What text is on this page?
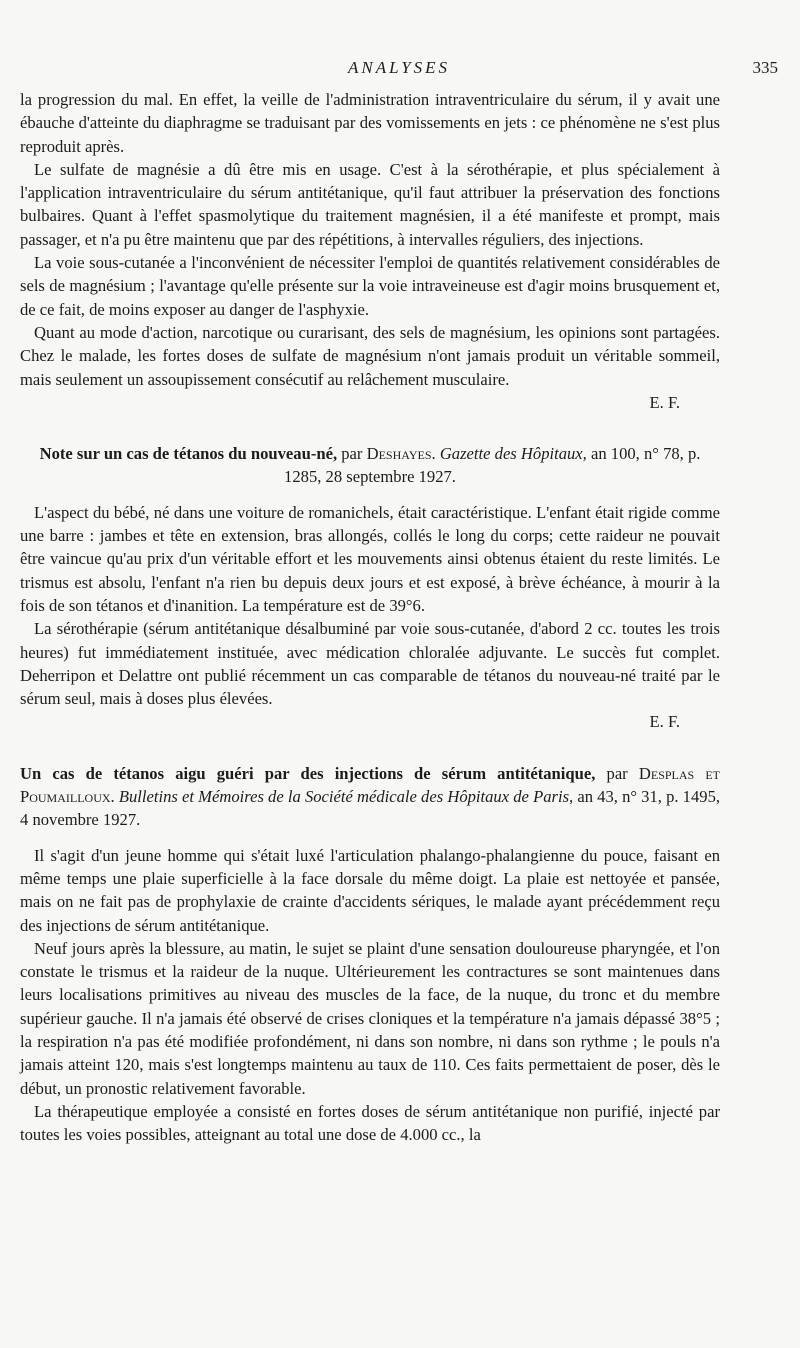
ANALYSES	335

la progression du mal. En effet, la veille de l'administration intraventriculaire du sérum, il y avait une ébauche d'atteinte du diaphragme se traduisant par des vomissements en jets : ce phénomène ne s'est plus reproduit après.

Le sulfate de magnésie a dû être mis en usage. C'est à la sérothérapie, et plus spécialement à l'application intraventriculaire du sérum antitétanique, qu'il faut attribuer la préservation des fonctions bulbaires. Quant à l'effet spasmolytique du traitement magnésien, il a été manifeste et prompt, mais passager, et n'a pu être maintenu que par des répétitions, à intervalles réguliers, des injections.

La voie sous-cutanée a l'inconvénient de nécessiter l'emploi de quantités relativement considérables de sels de magnésium ; l'avantage qu'elle présente sur la voie intraveineuse est d'agir moins brusquement et, de ce fait, de moins exposer au danger de l'asphyxie.

Quant au mode d'action, narcotique ou curarisant, des sels de magnésium, les opinions sont partagées. Chez le malade, les fortes doses de sulfate de magnésium n'ont jamais produit un véritable sommeil, mais seulement un assoupissement consécutif au relâchement musculaire.

E. F.

Note sur un cas de tétanos du nouveau-né, par Deshayes. Gazette des Hôpitaux, an 100, n° 78, p. 1285, 28 septembre 1927.

L'aspect du bébé, né dans une voiture de romanichels, était caractéristique. L'enfant était rigide comme une barre : jambes et tête en extension, bras allongés, collés le long du corps; cette raideur ne pouvait être vaincue qu'au prix d'un véritable effort et les mouvements ainsi obtenus étaient du reste limités. Le trismus est absolu, l'enfant n'a rien bu depuis deux jours et est exposé, à brève échéance, à mourir à la fois de son tétanos et d'inanition. La température est de 39°6.

La sérothérapie (sérum antitétanique désalbuminé par voie sous-cutanée, d'abord 2 cc. toutes les trois heures) fut immédiatement instituée, avec médication chloralée adjuvante. Le succès fut complet. Deherripon et Delattre ont publié récemment un cas comparable de tétanos du nouveau-né traité par le sérum seul, mais à doses plus élevées.

E. F.

Un cas de tétanos aigu guéri par des injections de sérum antitétanique, par Desplas et Poumailloux. Bulletins et Mémoires de la Société médicale des Hôpitaux de Paris, an 43, n° 31, p. 1495, 4 novembre 1927.

Il s'agit d'un jeune homme qui s'était luxé l'articulation phalango-phalangienne du pouce, faisant en même temps une plaie superficielle à la face dorsale du même doigt. La plaie est nettoyée et pansée, mais on ne fait pas de prophylaxie de crainte d'accidents sériques, le malade ayant précédemment reçu des injections de sérum antitétanique.

Neuf jours après la blessure, au matin, le sujet se plaint d'une sensation douloureuse pharyngée, et l'on constate le trismus et la raideur de la nuque. Ultérieurement les contractures se sont maintenues dans leurs localisations primitives au niveau des muscles de la face, de la nuque, du tronc et du membre supérieur gauche. Il n'a jamais été observé de crises cloniques et la température n'a jamais dépassé 38°5 ; la respiration n'a pas été modifiée profondément, ni dans son nombre, ni dans son rythme ; le pouls n'a jamais atteint 120, mais s'est longtemps maintenu au taux de 110. Ces faits permettaient de poser, dès le début, un pronostic relativement favorable.

La thérapeutique employée a consisté en fortes doses de sérum antitétanique non purifié, injecté par toutes les voies possibles, atteignant au total une dose de 4.000 cc., la
